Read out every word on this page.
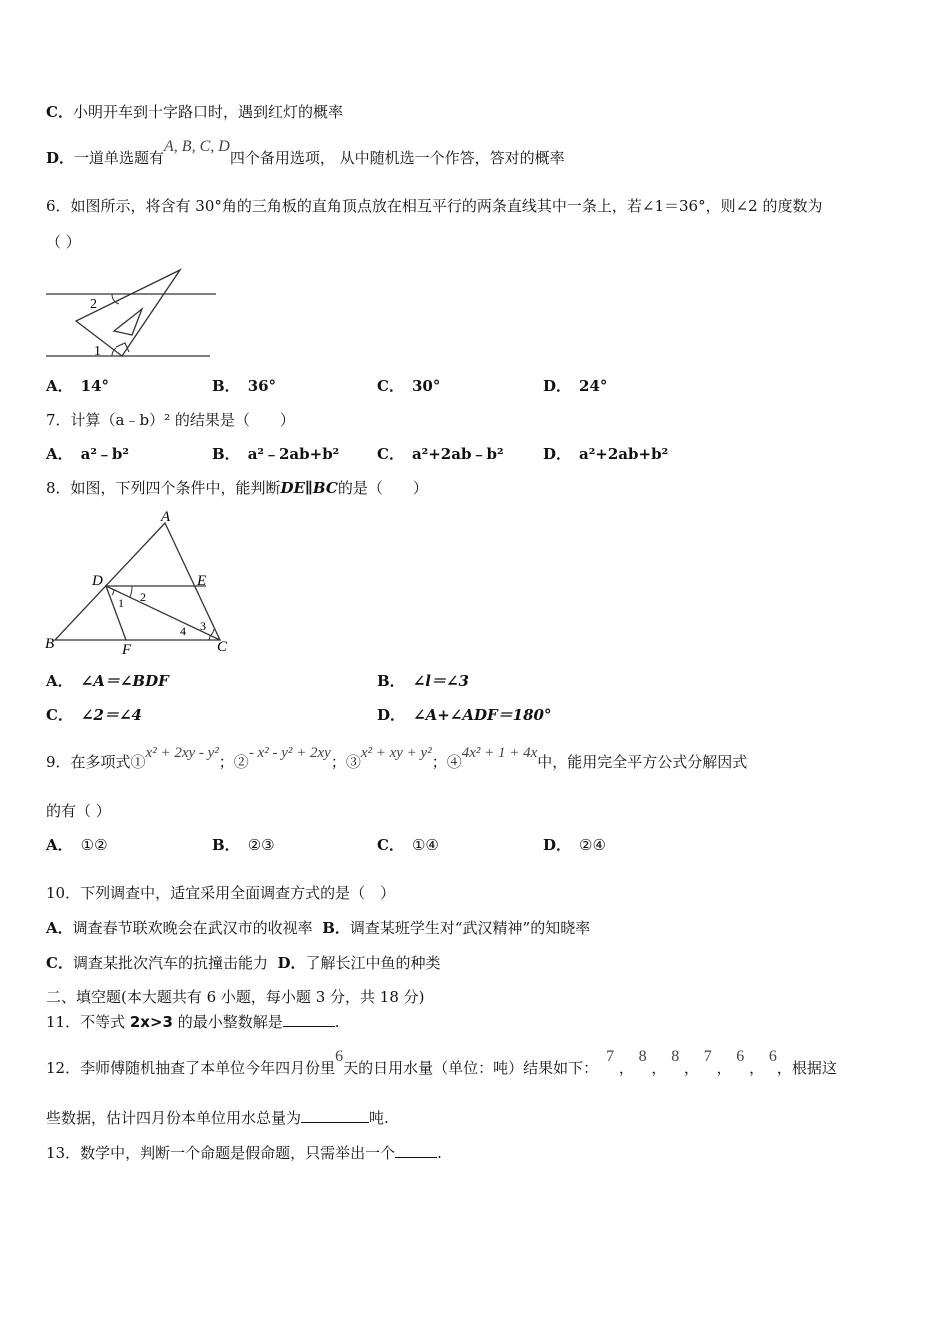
C．小明开车到十字路口时，遇到红灯的概率
D．一道单选题有A, B, C, D四个备用选项， 从中随机选一个作答，答对的概率
6．如图所示，将含有 30°角的三角板的直角顶点放在相互平行的两条直线其中一条上，若∠1＝36°，则∠2 的度数为
（ ）
2
1
A． 14°	B． 36°	C． 30°	D． 24°
7．计算（a﹣b）² 的结果是（　　）
A． a²﹣b²	B． a²﹣2ab+b²	C． a²+2ab﹣b²	D． a²+2ab+b²
8．如图，下列四个条件中，能判断DE∥BC的是（　　）
A
D	E
B	F	C
1 2
3
4
A． ∠A＝∠BDF	B． ∠l＝∠3
C． ∠2＝∠4	D． ∠A+∠ADF＝180°
9．在多项式①x² + 2xy - y²；②- x² - y² + 2xy；③x² + xy + y²；④4x² + 1 + 4x中，能用完全平方公式分解因式
的有（ ）
A． ①②	B． ②③	C． ①④	D． ②④
10．下列调查中，适宜采用全面调查方式的是（　）
A．调查春节联欢晚会在武汉市的收视率 B．调查某班学生对“武汉精神”的知晓率
C．调查某批次汽车的抗撞击能力 D．了解长江中鱼的种类
二、填空题(本大题共有 6 小题，每小题 3 分，共 18 分)
11．不等式 2x>3 的最小整数解是	.
12．李师傅随机抽查了本单位今年四月份里6天的日用水量（单位：吨）结果如下：7 ， 8 ， 8 ， 7 ， 6 ， 6，根据这
些数据，估计四月份本单位用水总量为	吨.
13．数学中，判断一个命题是假命题，只需举出一个	.
